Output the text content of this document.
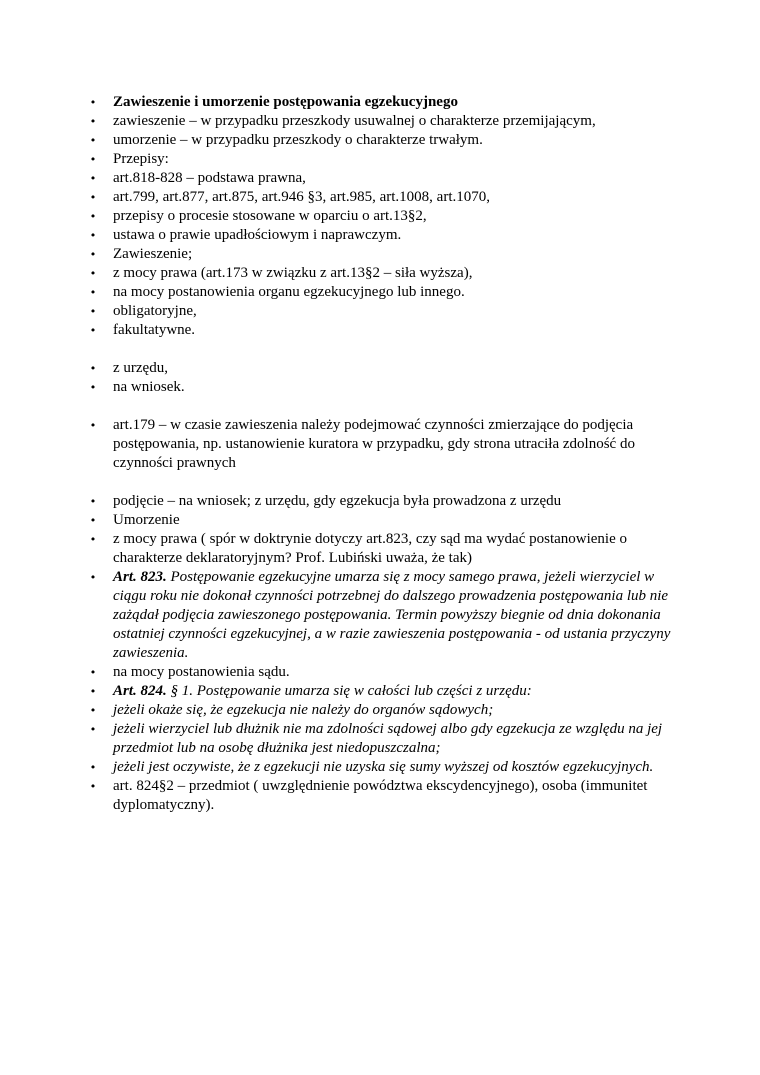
• Zawieszenie i umorzenie postępowania egzekucyjnego
• zawieszenie – w przypadku przeszkody usuwalnej o charakterze przemijającym,
• umorzenie – w przypadku przeszkody o charakterze trwałym.
• Przepisy:
• art.818-828 – podstawa prawna,
• art.799, art.877, art.875, art.946 §3, art.985, art.1008, art.1070,
• przepisy o procesie stosowane w oparciu o art.13§2,
• ustawa o prawie upadłościowym i naprawczym.
• Zawieszenie;
• z mocy prawa (art.173 w związku z art.13§2 – siła wyższa),
• na mocy postanowienia organu egzekucyjnego lub innego.
• obligatoryjne,
• fakultatywne.
• z urzędu,
• na wniosek.
• art.179 – w czasie zawieszenia należy podejmować czynności zmierzające do podjęcia postępowania, np. ustanowienie kuratora w przypadku, gdy strona utraciła zdolność do czynności prawnych
• podjęcie – na wniosek; z urzędu, gdy egzekucja była prowadzona z urzędu
• Umorzenie
• z mocy prawa ( spór w doktrynie dotyczy art.823, czy sąd ma wydać postanowienie o charakterze deklaratoryjnym? Prof. Lubiński uważa, że tak)
• Art. 823. Postępowanie egzekucyjne umarza się z mocy samego prawa, jeżeli wierzyciel w ciągu roku nie dokonał czynności potrzebnej do dalszego prowadzenia postępowania lub nie zażądał podjęcia zawieszonego postępowania. Termin powyższy biegnie od dnia dokonania ostatniej czynności egzekucyjnej, a w razie zawieszenia postępowania - od ustania przyczyny zawieszenia.
• na mocy postanowienia sądu.
• Art. 824. § 1. Postępowanie umarza się w całości lub części z urzędu:
• jeżeli okaże się, że egzekucja nie należy do organów sądowych;
• jeżeli wierzyciel lub dłużnik nie ma zdolności sądowej albo gdy egzekucja ze względu na jej przedmiot lub na osobę dłużnika jest niedopuszczalna;
• jeżeli jest oczywiste, że z egzekucji nie uzyska się sumy wyższej od kosztów egzekucyjnych.
• art. 824§2 – przedmiot ( uwzględnienie powództwa ekscydencyjnego), osoba (immunitet dyplomatyczny).
